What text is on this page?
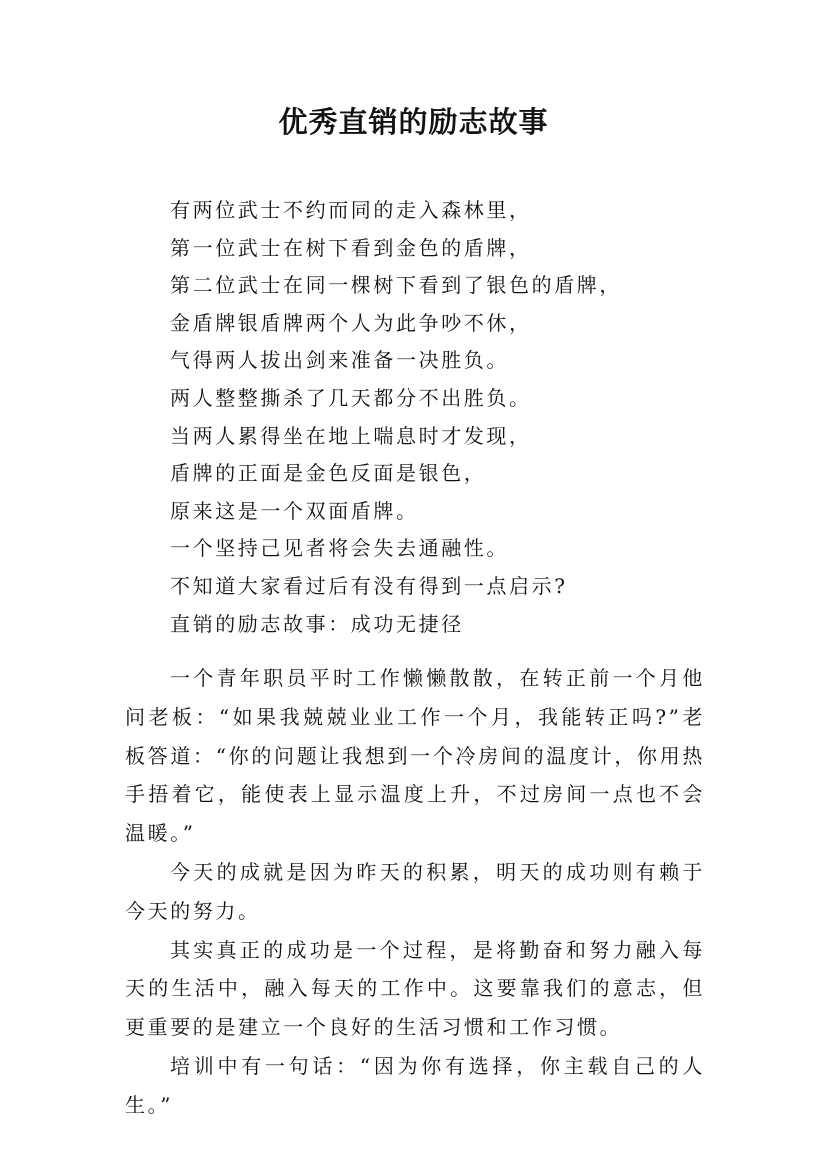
优秀直销的励志故事
有两位武士不约而同的走入森林里，
第一位武士在树下看到金色的盾牌，
第二位武士在同一棵树下看到了银色的盾牌，
金盾牌银盾牌两个人为此争吵不休，
气得两人拔出剑来准备一决胜负。
两人整整撕杀了几天都分不出胜负。
当两人累得坐在地上喘息时才发现，
盾牌的正面是金色反面是银色，
原来这是一个双面盾牌。
一个坚持己见者将会失去通融性。
不知道大家看过后有没有得到一点启示?
直销的励志故事：成功无捷径

一个青年职员平时工作懒懒散散，在转正前一个月他问老板：“如果我兢兢业业工作一个月，我能转正吗?”老板答道：“你的问题让我想到一个冷房间的温度计，你用热手捂着它，能使表上显示温度上升，不过房间一点也不会温暖。”

今天的成就是因为昨天的积累，明天的成功则有赖于今天的努力。

其实真正的成功是一个过程，是将勤奋和努力融入每天的生活中，融入每天的工作中。这要靠我们的意志，但更重要的是建立一个良好的生活习惯和工作习惯。

培训中有一句话：“因为你有选择，你主载自己的人生。”
